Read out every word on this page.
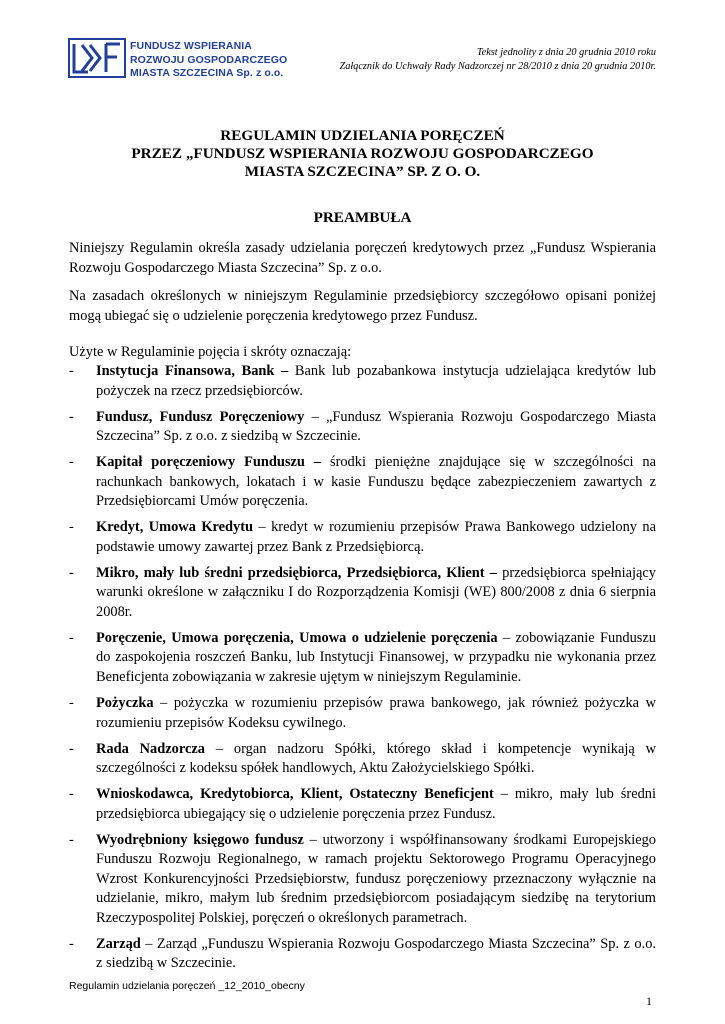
FUNDUSZ WSPIERANIA
ROZWOJU GOSPODARCZEGO
MIASTA SZCZECINA Sp. z o.o.
Tekst jednolity z dnia 20 grudnia 2010 roku
Załącznik do Uchwały Rady Nadzorczej nr 28/2010 z dnia 20 grudnia 2010r.
REGULAMIN UDZIELANIA PORĘCZEŃ
PRZEZ „FUNDUSZ WSPIERANIA ROZWOJU GOSPODARCZEGO
MIASTA SZCZECINA” SP. Z O. O.
PREAMBUŁA
Niniejszy Regulamin określa zasady udzielania poręczeń kredytowych przez „Fundusz Wspierania Rozwoju Gospodarczego Miasta Szczecina” Sp. z o.o.
Na zasadach określonych w niniejszym Regulaminie przedsiębiorcy szczegółowo opisani poniżej mogą ubiegać się o udzielenie poręczenia kredytowego przez Fundusz.
Użyte w Regulaminie pojęcia i skróty oznaczają:
- Instytucja Finansowa, Bank – Bank lub pozabankowa instytucja udzielająca kredytów lub pożyczek na rzecz przedsiębiorców.
- Fundusz, Fundusz Poręczeniowy – „Fundusz Wspierania Rozwoju Gospodarczego Miasta Szczecina” Sp. z o.o. z siedzibą w Szczecinie.
- Kapitał poręczeniowy Funduszu – środki pieniężne znajdujące się w szczególności na rachunkach bankowych, lokatach i w kasie Funduszu będące zabezpieczeniem zawartych z Przedsiębiorcami Umów poręczenia.
- Kredyt, Umowa Kredytu – kredyt w rozumieniu przepisów Prawa Bankowego udzielony na podstawie umowy zawartej przez Bank z Przedsiębiorcą.
- Mikro, mały lub średni przedsiębiorca, Przedsiębiorca, Klient – przedsiębiorca spełniający warunki określone w załączniku I do Rozporządzenia Komisji (WE) 800/2008 z dnia 6 sierpnia 2008r.
- Poręczenie, Umowa poręczenia, Umowa o udzielenie poręczenia – zobowiązanie Funduszu do zaspokojenia roszczeń Banku, lub Instytucji Finansowej, w przypadku nie wykonania przez Beneficjenta zobowiązania w zakresie ujętym w niniejszym Regulaminie.
- Pożyczka – pożyczka w rozumieniu przepisów prawa bankowego, jak również pożyczka w rozumieniu przepisów Kodeksu cywilnego.
- Rada Nadzorcza – organ nadzoru Spółki, którego skład i kompetencje wynikają w szczególności z kodeksu spółek handlowych, Aktu Założycielskiego Spółki.
- Wnioskodawca, Kredytobiorca, Klient, Ostateczny Beneficjent – mikro, mały lub średni przedsiębiorca ubiegający się o udzielenie poręczenia przez Fundusz.
- Wyodrębniony księgowo fundusz – utworzony i współfinansowany środkami Europejskiego Funduszu Rozwoju Regionalnego, w ramach projektu Sektorowego Programu Operacyjnego Wzrost Konkurencyjności Przedsiębiorstw, fundusz poręczeniowy przeznaczony wyłącznie na udzielanie, mikro, małym lub średnim przedsiębiorcom posiadającym siedzibę na terytorium Rzeczypospolitej Polskiej, poręczeń o określonych parametrach.
- Zarząd – Zarząd „Funduszu Wspierania Rozwoju Gospodarczego Miasta Szczecina” Sp. z o.o. z siedzibą w Szczecinie.
Regulamin udzielania poręczeń _12_2010_obecny
1
